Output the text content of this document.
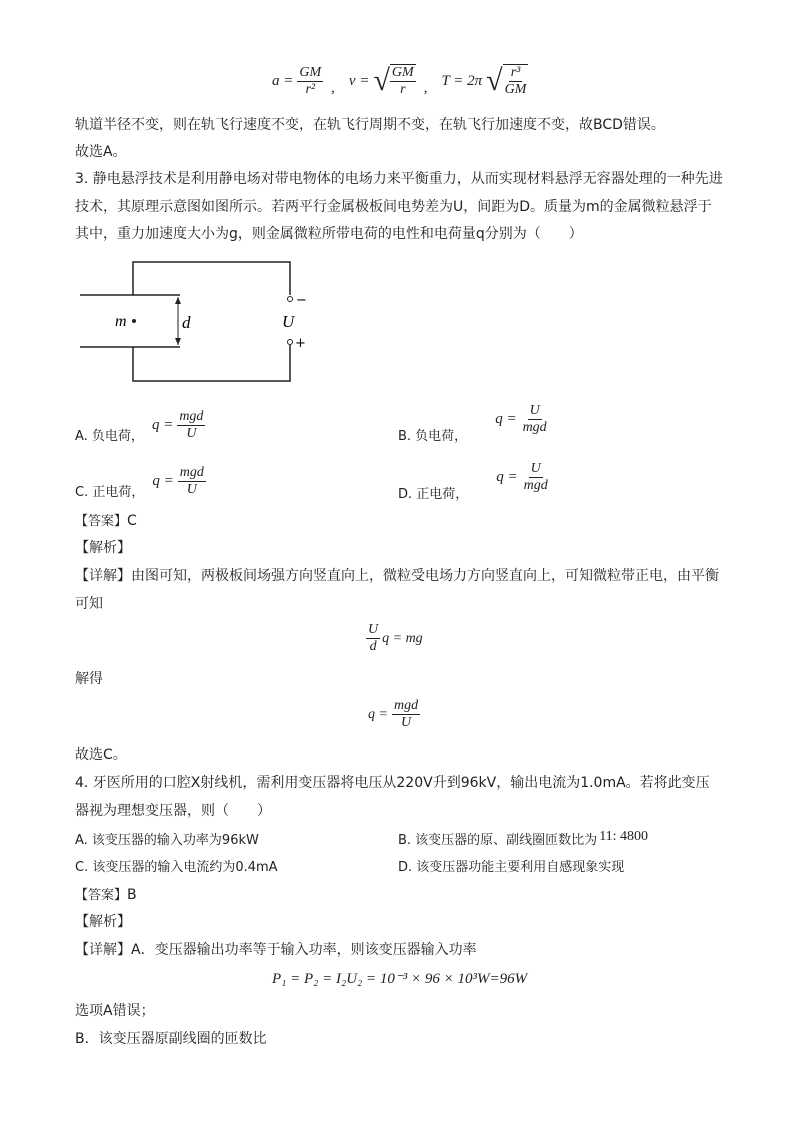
$a = \frac{GM}{\text{r²}}$ , v = √ $\frac{GM}{r}$ , T = 2π √ $\frac{\text{r³}}{GM}$
轨道半径不变，则在轨飞行速度不变，在轨飞行周期不变，在轨飞行加速度不变，故BCD错误。
故选A。
3. 静电悬浮技术是利用静电场对带电物体的电场力来平衡重力，从而实现材料悬浮无容器处理的一种先进
技术，其原理示意图如图所示。若两平行金属极板间电势差为U，间距为D。质量为m的金属微粒悬浮于
其中，重力加速度大小为g，则金属微粒所带电荷的电性和电荷量q分别为（　　）
m	d	U
−
+
A. 负电荷，
$q = \frac{\text{mgd}}{U}$	B. 负电荷，
$q = \frac{U}{\text{mgd}}$
C. 正电荷，
$q = \frac{\text{mgd}}{U}$	D. 正电荷，
$q = \frac{U}{\text{mgd}}$
【答案】C
【解析】
【详解】由图可知，两极板间场强方向竖直向上，微粒受电场力方向竖直向上，可知微粒带正电，由平衡
可知
$\frac{U}{d}$ q = mg
解得
$q = \frac{\text{mgd}}{U}$
故选C。
4. 牙医所用的口腔X射线机，需利用变压器将电压从220V升到96kV，输出电流为1.0mA。若将此变压
器视为理想变压器，则（　　）
A. 该变压器的输入功率为96kW	B. 该变压器的原、副线圈匝数比为 11: 4800
C. 该变压器的输入电流约为0.4mA	D. 该变压器功能主要利用自感现象实现
【答案】B
【解析】
【详解】A．变压器输出功率等于输入功率，则该变压器输入功率
P₁ = P₂ = I₂U₂ = 10⁻³ × 96 × 10³W=96W
选项A错误；
B．该变压器原副线圈的匝数比
